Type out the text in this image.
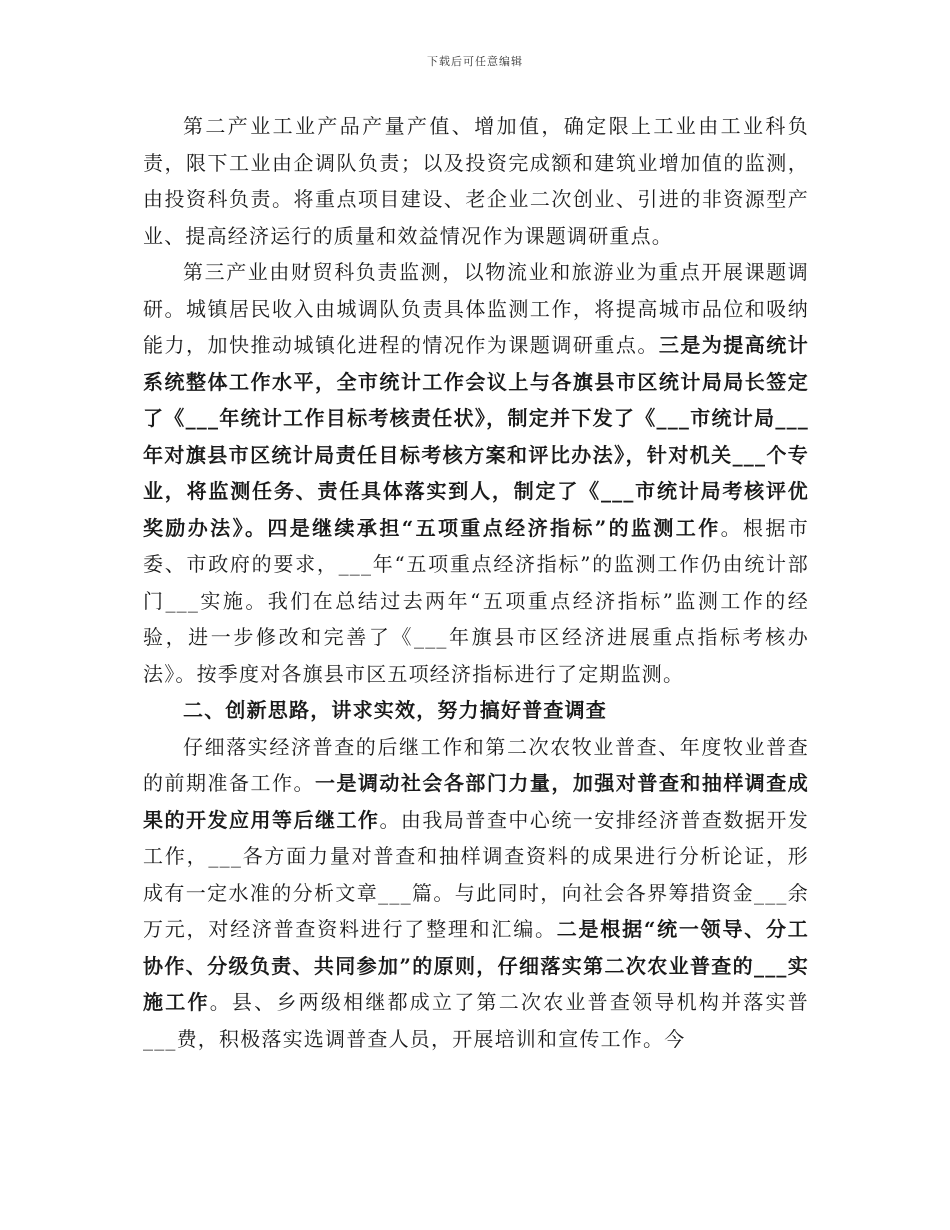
下载后可任意编辑

第二产业工业产品产量产值、增加值，确定限上工业由工业科负责，限下工业由企调队负责；以及投资完成额和建筑业增加值的监测，由投资科负责。将重点项目建设、老企业二次创业、引进的非资源型产业、提高经济运行的质量和效益情况作为课题调研重点。

第三产业由财贸科负责监测，以物流业和旅游业为重点开展课题调研。城镇居民收入由城调队负责具体监测工作，将提高城市品位和吸纳能力，加快推动城镇化进程的情况作为课题调研重点。三是为提高统计系统整体工作水平，全市统计工作会议上与各旗县市区统计局局长签定了《___年统计工作目标考核责任状》，制定并下发了《___市统计局___年对旗县市区统计局责任目标考核方案和评比办法》，针对机关___个专业，将监测任务、责任具体落实到人，制定了《___市统计局考核评优奖励办法》。四是继续承担“五项重点经济指标”的监测工作。根据市委、市政府的要求，___年“五项重点经济指标”的监测工作仍由统计部门___实施。我们在总结过去两年“五项重点经济指标”监测工作的经验，进一步修改和完善了《___年旗县市区经济进展重点指标考核办法》。按季度对各旗县市区五项经济指标进行了定期监测。

二、创新思路，讲求实效，努力搞好普查调查

仔细落实经济普查的后继工作和第二次农牧业普查、年度牧业普查的前期准备工作。一是调动社会各部门力量，加强对普查和抽样调查成果的开发应用等后继工作。由我局普查中心统一安排经济普查数据开发工作，___各方面力量对普查和抽样调查资料的成果进行分析论证，形成有一定水准的分析文章___篇。与此同时，向社会各界筹措资金___余万元，对经济普查资料进行了整理和汇编。二是根据“统一领导、分工协作、分级负责、共同参加”的原则，仔细落实第二次农业普查的___实施工作。县、乡两级相继都成立了第二次农业普查领导机构并落实普___费，积极落实选调普查人员，开展培训和宣传工作。今
